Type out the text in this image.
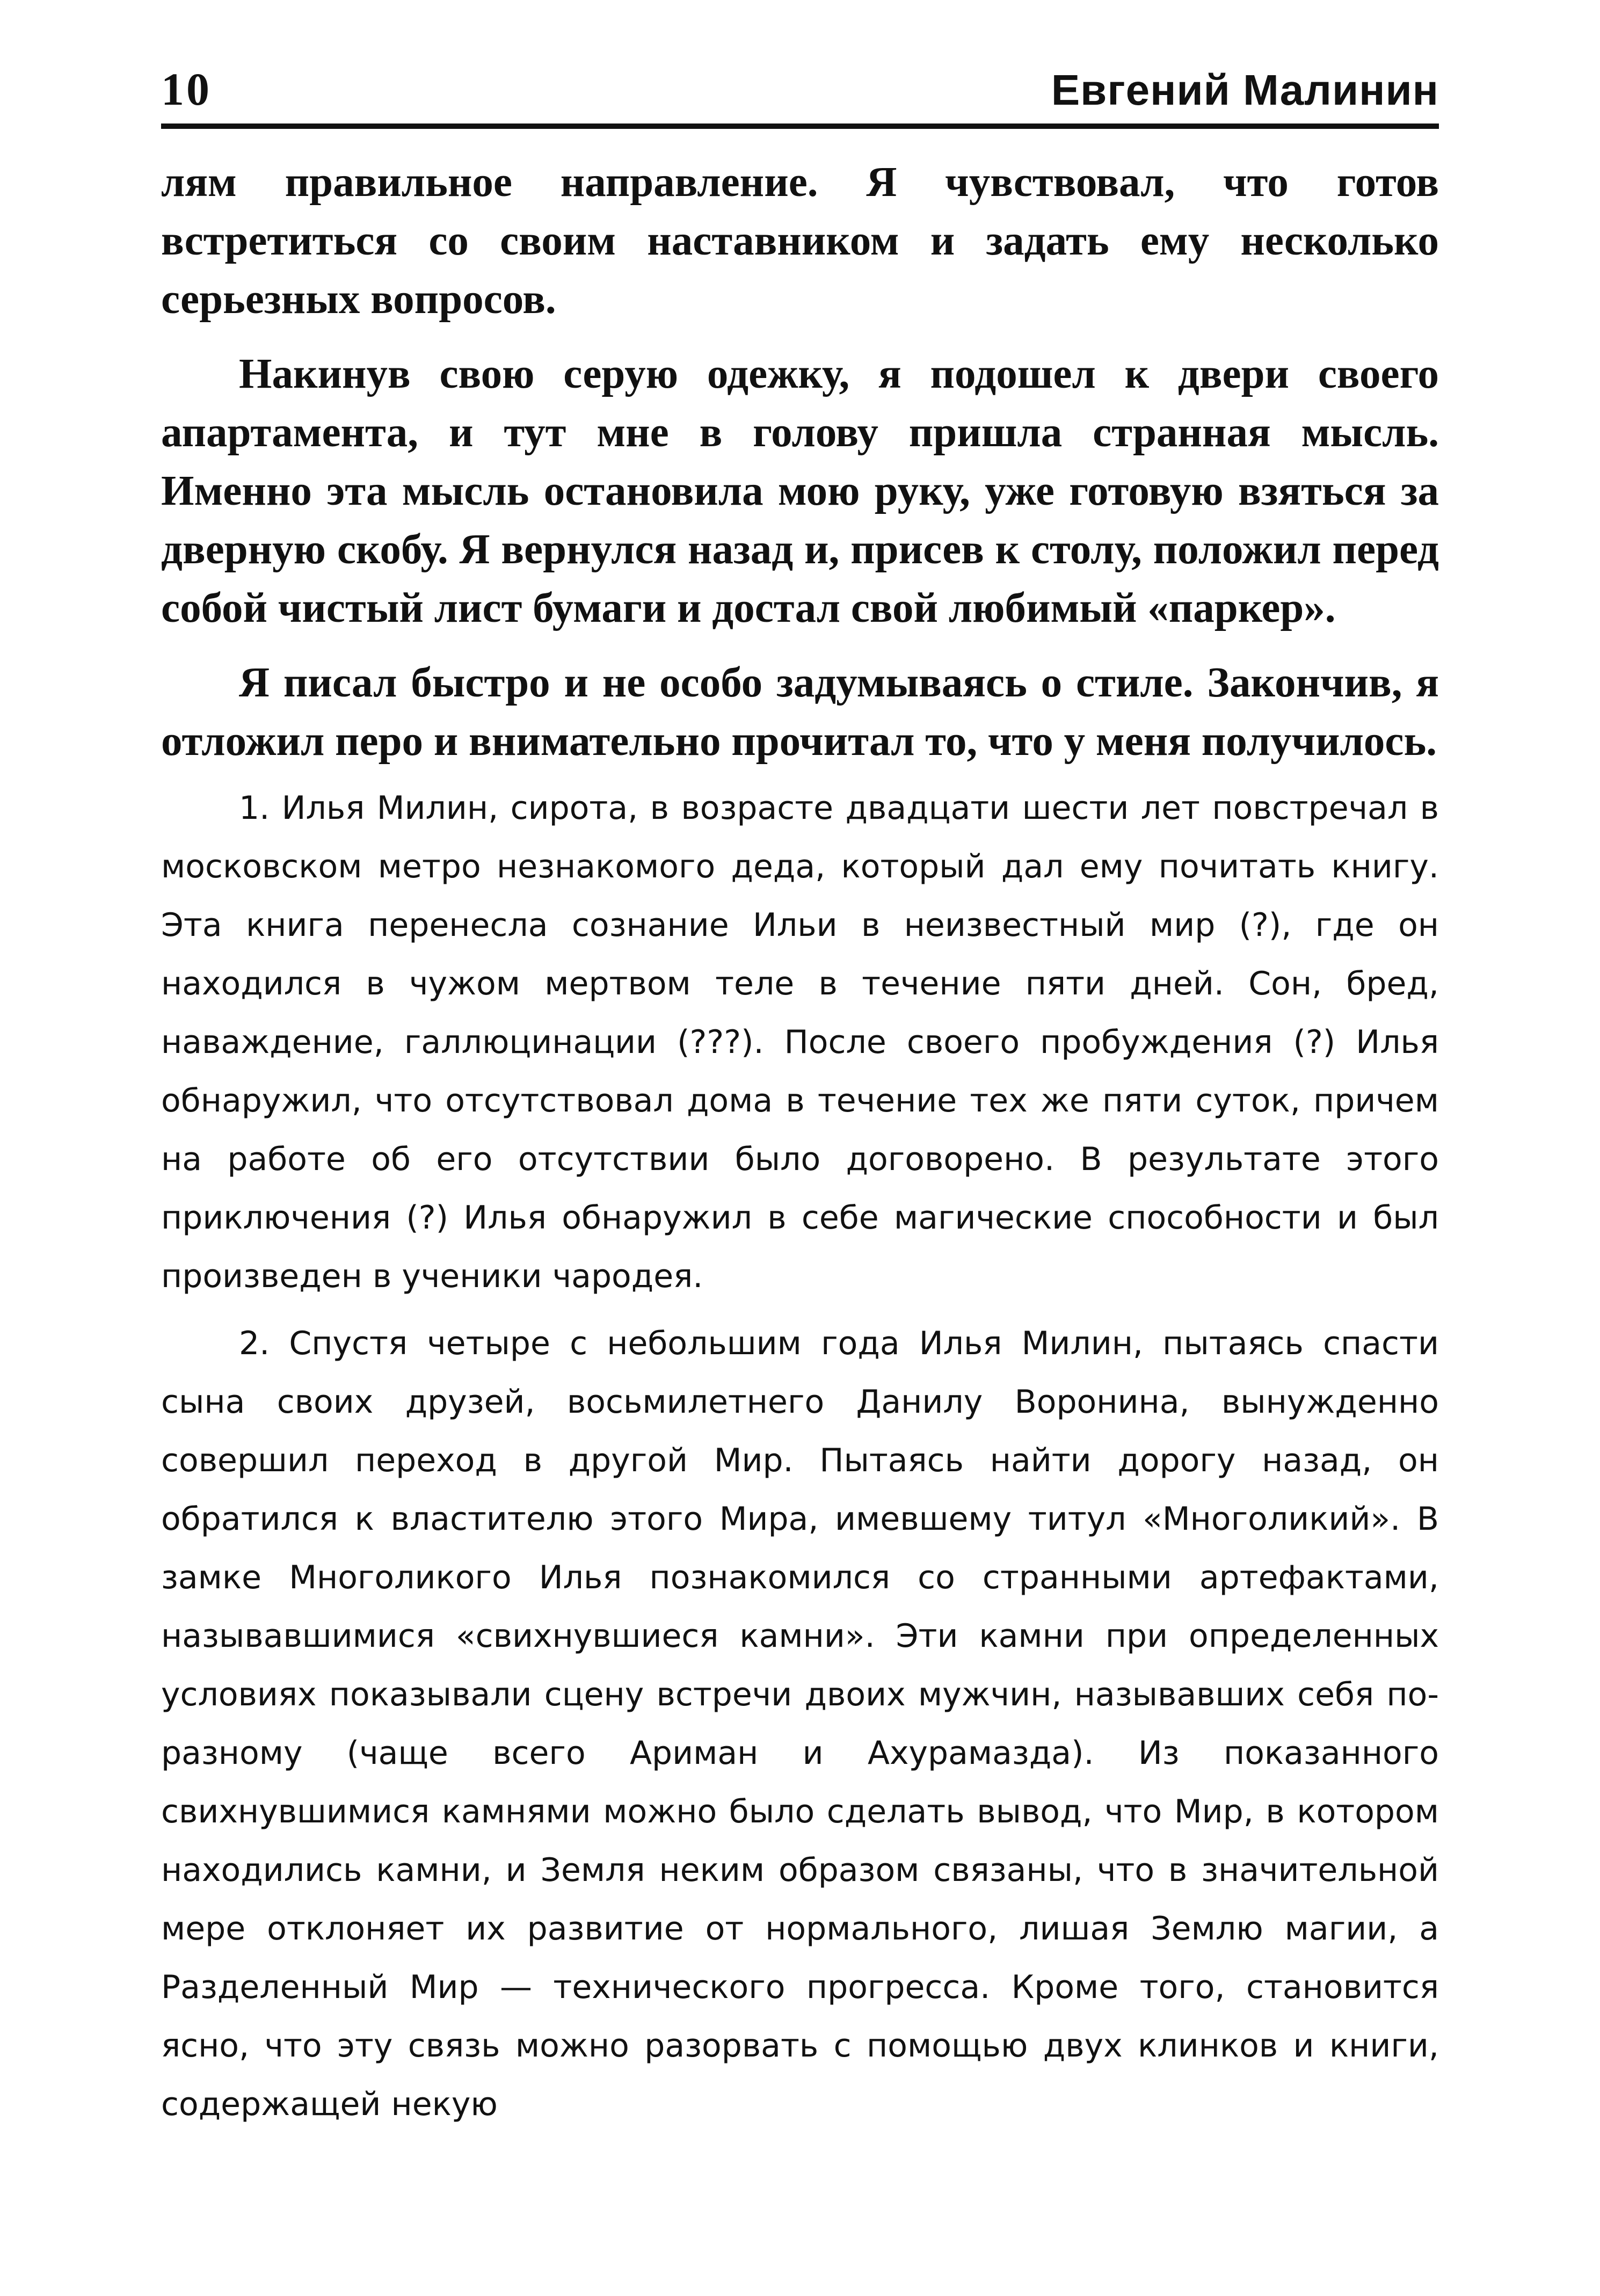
10	Евгений Малинин

лям правильное направление. Я чувствовал, что готов встретиться со своим наставником и задать ему несколько серьезных вопросов.

Накинув свою серую одежку, я подошел к двери своего апартамента, и тут мне в голову пришла странная мысль. Именно эта мысль остановила мою руку, уже готовую взяться за дверную скобу. Я вернулся назад и, присев к столу, положил перед собой чистый лист бумаги и достал свой любимый «паркер».

Я писал быстро и не особо задумываясь о стиле. Закончив, я отложил перо и внимательно прочитал то, что у меня получилось.

1. Илья Милин, сирота, в возрасте двадцати шести лет повстречал в московском метро незнакомого деда, который дал ему почитать книгу. Эта книга перенесла сознание Ильи в неизвестный мир (?), где он находился в чужом мертвом теле в течение пяти дней. Сон, бред, наваждение, галлюцинации (???). После своего пробуждения (?) Илья обнаружил, что отсутствовал дома в течение тех же пяти суток, причем на работе об его отсутствии было договорено. В результате этого приключения (?) Илья обнаружил в себе магические способности и был произведен в ученики чародея.

2. Спустя четыре с небольшим года Илья Милин, пытаясь спасти сына своих друзей, восьмилетнего Данилу Воронина, вынужденно совершил переход в другой Мир. Пытаясь найти дорогу назад, он обратился к властителю этого Мира, имевшему титул «Многоликий». В замке Многоликого Илья познакомился со странными артефактами, называвшимися «свихнувшиеся камни». Эти камни при определенных условиях показывали сцену встречи двоих мужчин, называвших себя по-разному (чаще всего Ариман и Ахурамазда). Из показанного свихнувшимися камнями можно было сделать вывод, что Мир, в котором находились камни, и Земля неким образом связаны, что в значительной мере отклоняет их развитие от нормального, лишая Землю магии, а Разделенный Мир — технического прогресса. Кроме того, становится ясно, что эту связь можно разорвать с помощью двух клинков и книги, содержащей некую
